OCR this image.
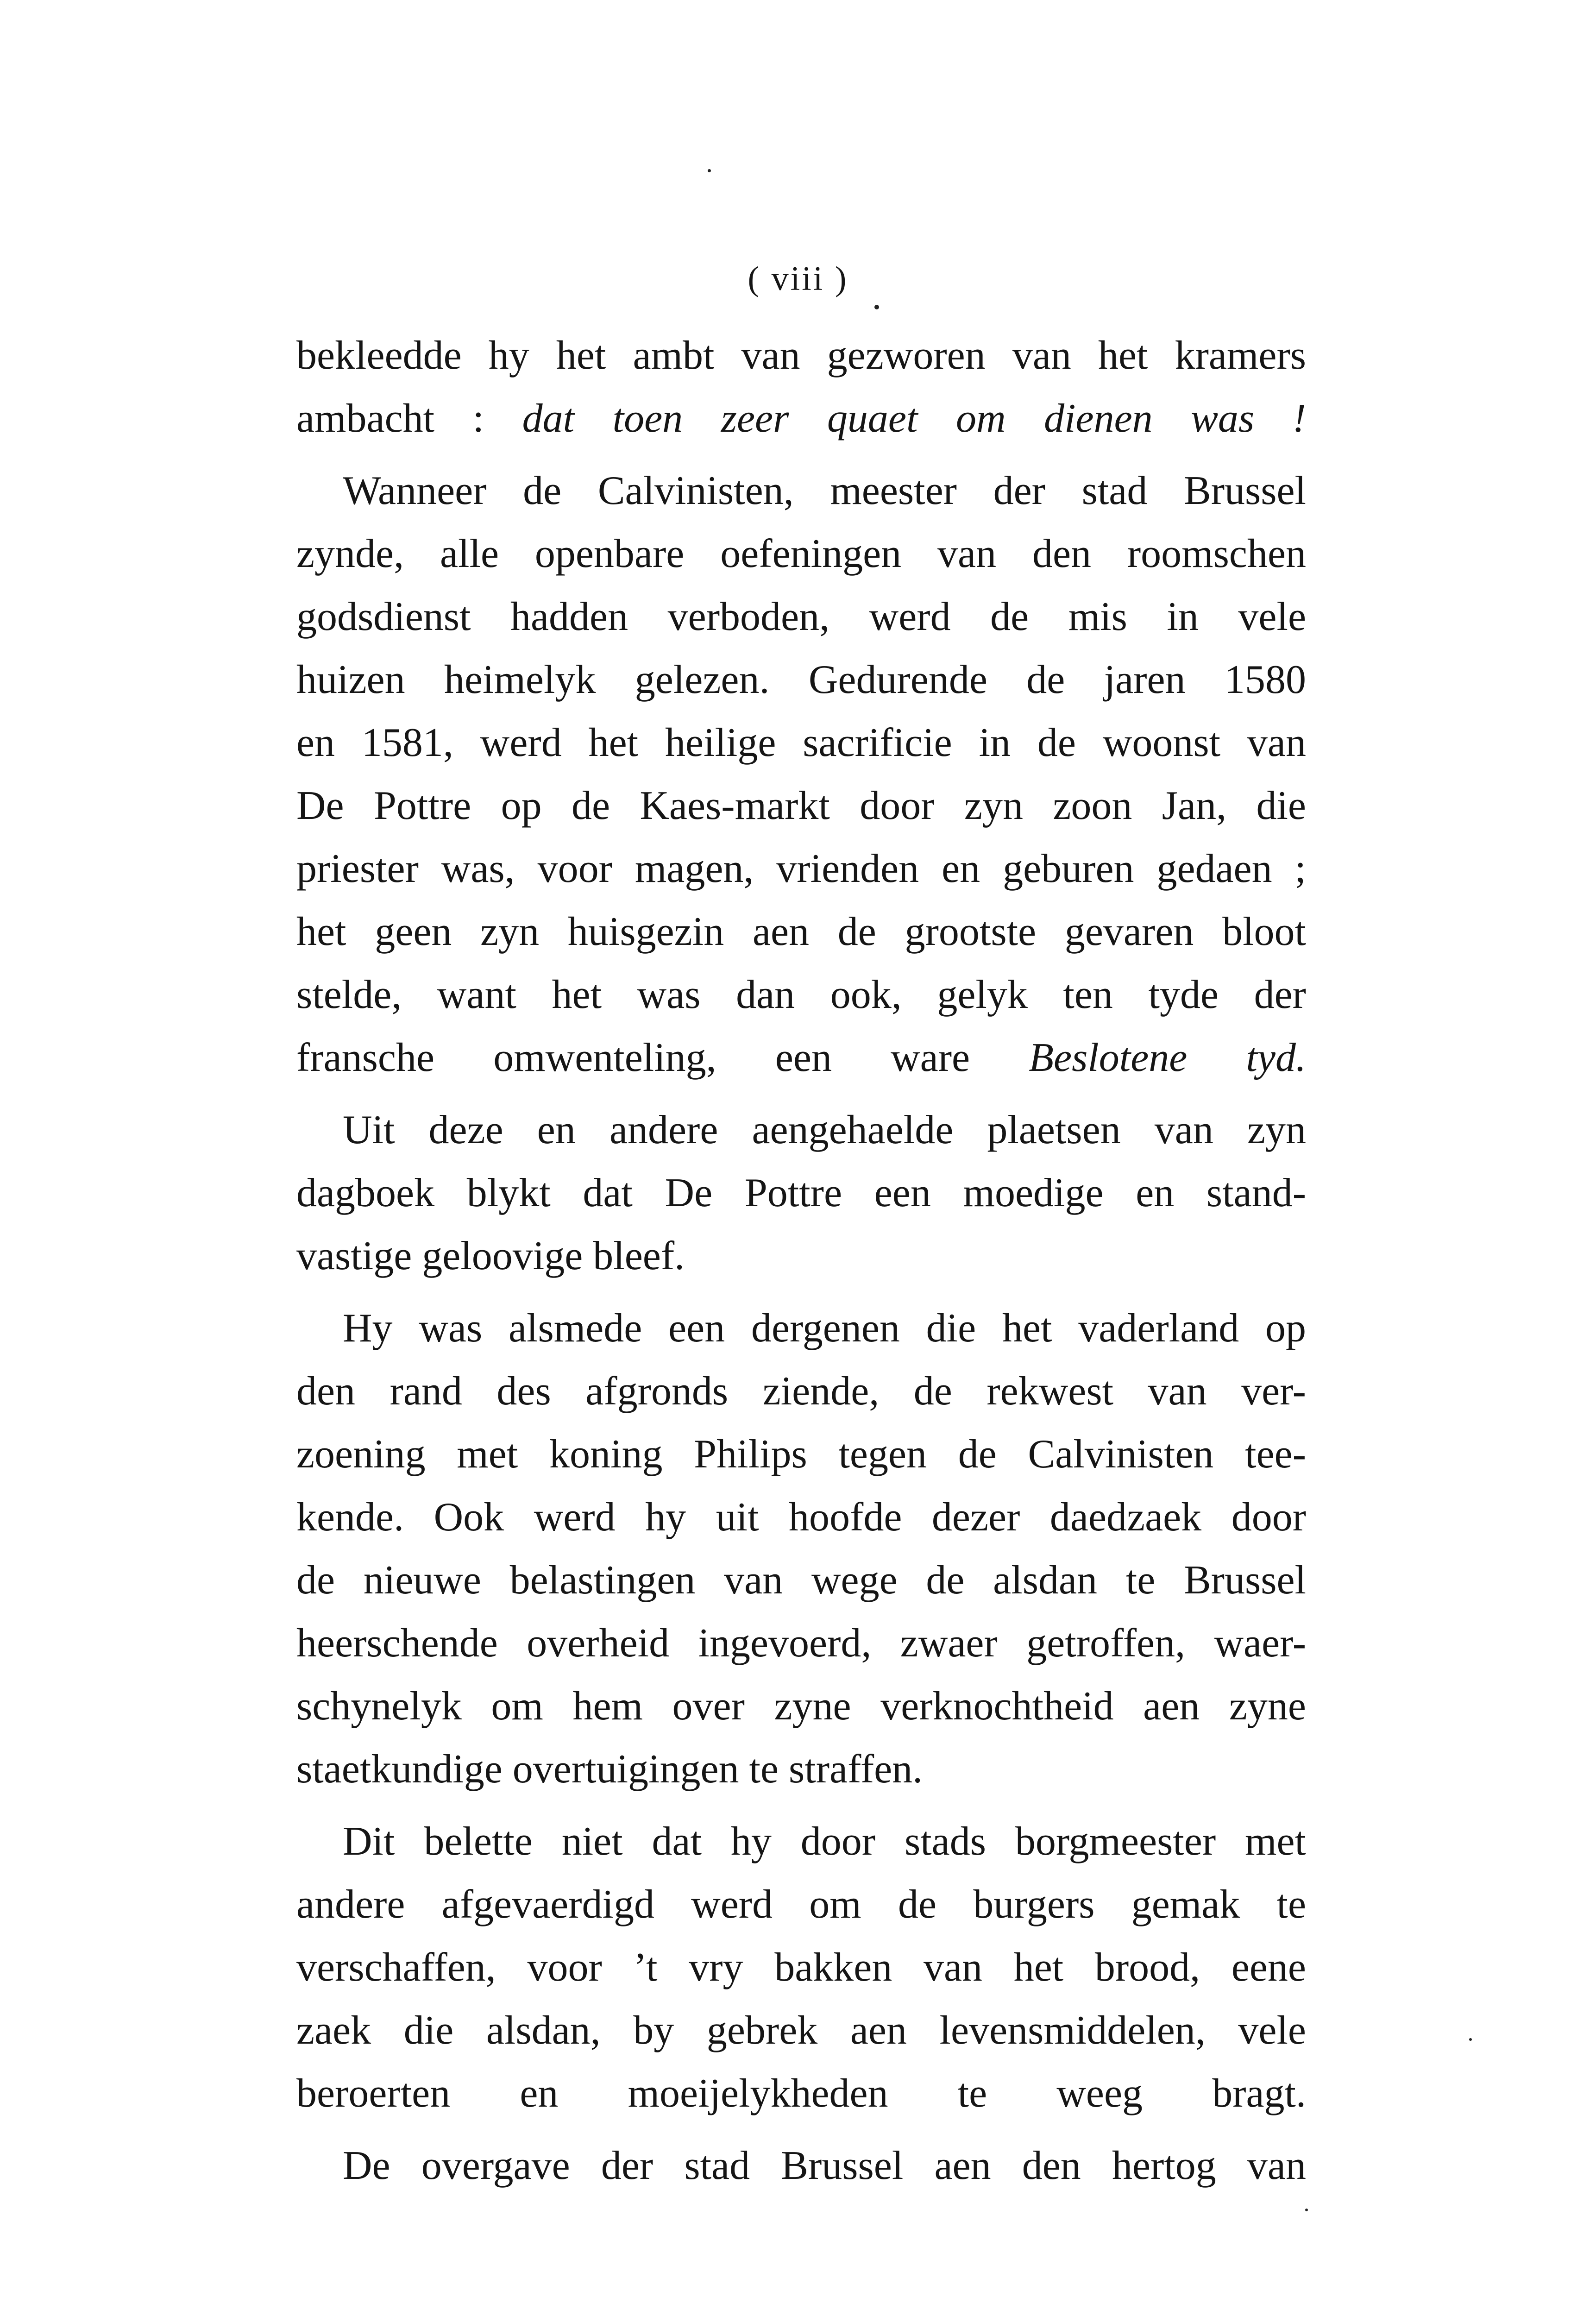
( viii )
bekleedde hy het ambt van gezworen van het kramers
ambacht : dat toen zeer quaet om dienen was !
Wanneer de Calvinisten, meester der stad Brussel
zynde, alle openbare oefeningen van den roomschen
godsdienst hadden verboden, werd de mis in vele
huizen heimelyk gelezen. Gedurende de jaren 1580
en 1581, werd het heilige sacrificie in de woonst van
De Pottre op de Kaes-markt door zyn zoon Jan, die
priester was, voor magen, vrienden en geburen gedaen ;
het geen zyn huisgezin aen de grootste gevaren bloot
stelde, want het was dan ook, gelyk ten tyde der
fransche omwenteling, een ware Beslotene tyd.
Uit deze en andere aengehaelde plaetsen van zyn
dagboek blykt dat De Pottre een moedige en stand-
vastige geloovige bleef.
Hy was alsmede een dergenen die het vaderland op
den rand des afgronds ziende, de rekwest van ver-
zoening met koning Philips tegen de Calvinisten tee-
kende. Ook werd hy uit hoofde dezer daedzaek door
de nieuwe belastingen van wege de alsdan te Brussel
heerschende overheid ingevoerd, zwaer getroffen, waer-
schynelyk om hem over zyne verknochtheid aen zyne
staetkundige overtuigingen te straffen.
Dit belette niet dat hy door stads borgmeester met
andere afgevaerdigd werd om de burgers gemak te
verschaffen, voor ’t vry bakken van het brood, eene
zaek die alsdan, by gebrek aen levensmiddelen, vele
beroerten en moeijelykheden te weeg bragt.
De overgave der stad Brussel aen den hertog van
